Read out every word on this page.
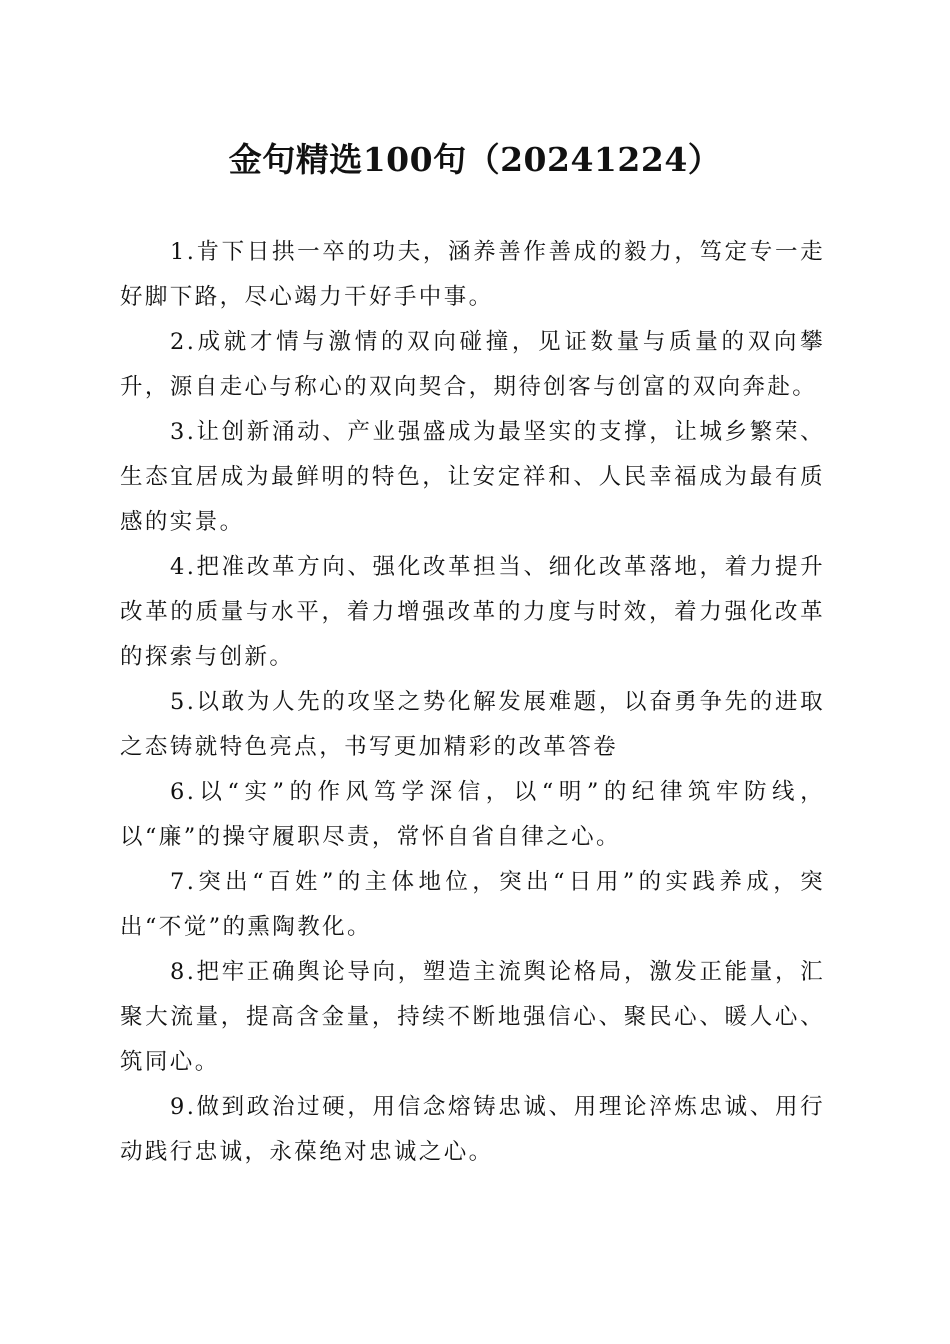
金句精选100句（20241224）

1.肯下日拱一卒的功夫，涵养善作善成的毅力，笃定专一走好脚下路，尽心竭力干好手中事。

2.成就才情与激情的双向碰撞，见证数量与质量的双向攀升，源自走心与称心的双向契合，期待创客与创富的双向奔赴。

3.让创新涌动、产业强盛成为最坚实的支撑，让城乡繁荣、生态宜居成为最鲜明的特色，让安定祥和、人民幸福成为最有质感的实景。

4.把准改革方向、强化改革担当、细化改革落地，着力提升改革的质量与水平，着力增强改革的力度与时效，着力强化改革的探索与创新。

5.以敢为人先的攻坚之势化解发展难题，以奋勇争先的进取之态铸就特色亮点，书写更加精彩的改革答卷

6.以“实”的作风笃学深信，以“明”的纪律筑牢防线，以“廉”的操守履职尽责，常怀自省自律之心。

7.突出“百姓”的主体地位，突出“日用”的实践养成，突出“不觉”的熏陶教化。

8.把牢正确舆论导向，塑造主流舆论格局，激发正能量，汇聚大流量，提高含金量，持续不断地强信心、聚民心、暖人心、筑同心。

9.做到政治过硬，用信念熔铸忠诚、用理论淬炼忠诚、用行动践行忠诚，永葆绝对忠诚之心。
